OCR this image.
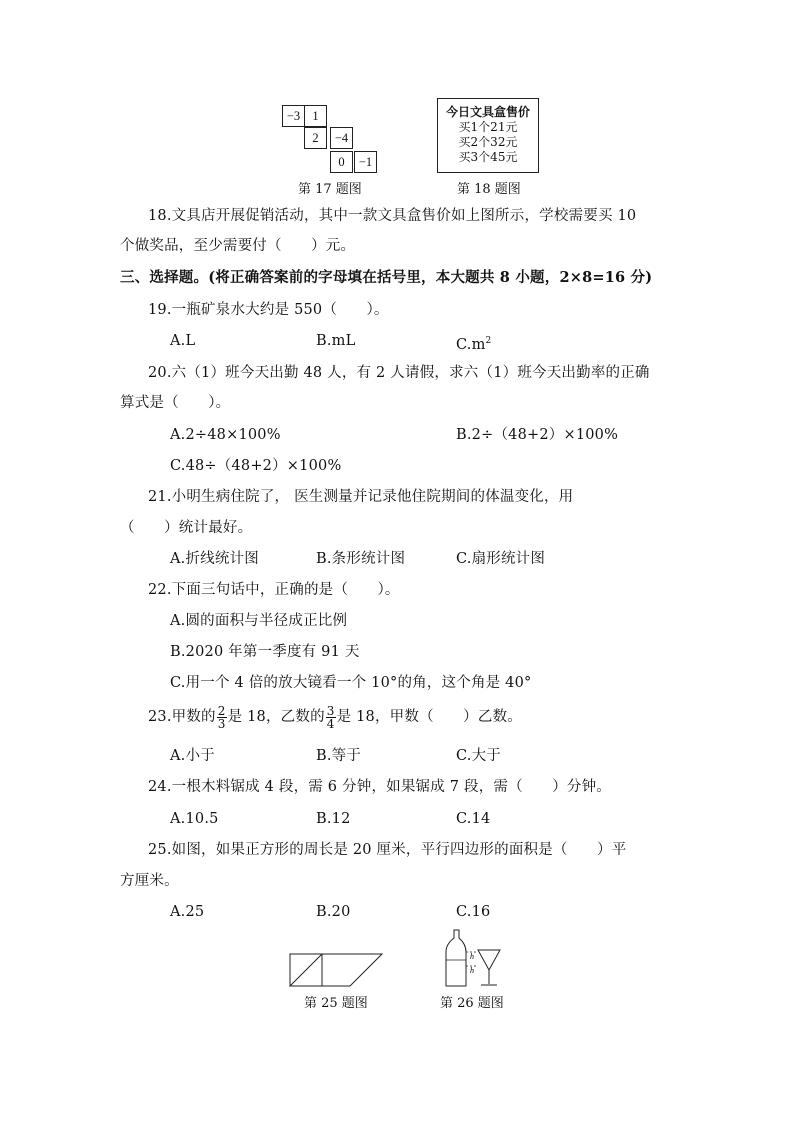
−3 1
2	−4
0	−1
第 17 题图
今日文具盒售价
买1个21元
买2个32元
买3个45元
第 18 题图
18.文具店开展促销活动，其中一款文具盒售价如上图所示，学校需要买 10
个做奖品，至少需要付（　　）元。
三、选择题。(将正确答案前的字母填在括号里，本大题共 8 小题，2×8=16 分)
19.一瓶矿泉水大约是 550（　　）。
A.L	B.mL	$C.m^2$
20.六（1）班今天出勤 48 人，有 2 人请假，求六（1）班今天出勤率的正确
算式是（　　）。
A.2÷48×100%	B.2÷（48+2）×100%
C.48÷（48+2）×100%
21.小明生病住院了， 医生测量并记录他住院期间的体温变化，用
（　　）统计最好。
A.折线统计图	B.条形统计图	C.扇形统计图
22.下面三句话中，正确的是（　　）。
A.圆的面积与半径成正比例
B.2020 年第一季度有 91 天
C.用一个 4 倍的放大镜看一个 10°的角，这个角是 40°
23.甲数的 $\frac{2}{3}$ 是 18，乙数的 $\frac{3}{4}$ 是 18，甲数（　　）乙数。
A.小于	B.等于	C.大于
24.一根木料锯成 4 段，需 6 分钟，如果锯成 7 段，需（　　）分钟。
A.10.5	B.12	C.14
25.如图，如果正方形的周长是 20 厘米，平行四边形的面积是（　　）平
方厘米。
A.25	B.20	C.16
第 25 题图
h
h
第 26 题图
